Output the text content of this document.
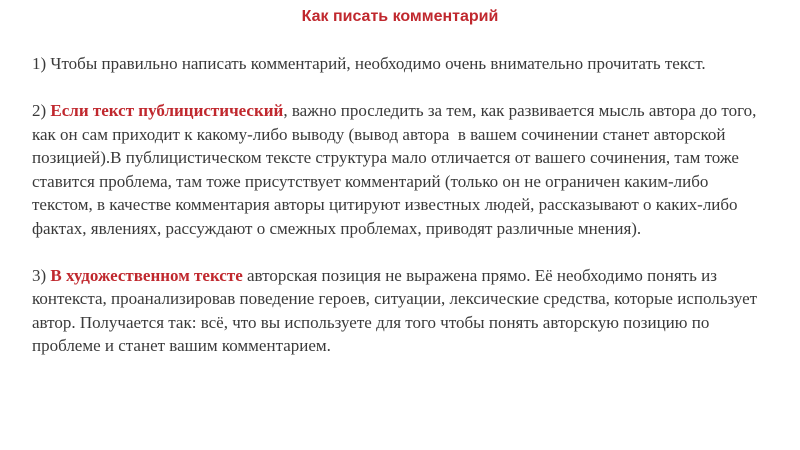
Как писать комментарий

1) Чтобы правильно написать комментарий, необходимо очень внимательно прочитать текст.

2) Если текст публицистический, важно проследить за тем, как развивается мысль автора до того, как он сам приходит к какому-либо выводу (вывод автора  в вашем сочинении станет авторской позицией).В публицистическом тексте структура мало отличается от вашего сочинения, там тоже ставится проблема, там тоже присутствует комментарий (только он не ограничен каким-либо текстом, в качестве комментария авторы цитируют известных людей, рассказывают о каких-либо фактах, явлениях, рассуждают о смежных проблемах, приводят различные мнения).

3) В художественном тексте авторская позиция не выражена прямо. Её необходимо понять из контекста, проанализировав поведение героев, ситуации, лексические средства, которые использует автор. Получается так: всё, что вы используете для того чтобы понять авторскую позицию по проблеме и станет вашим комментарием.
